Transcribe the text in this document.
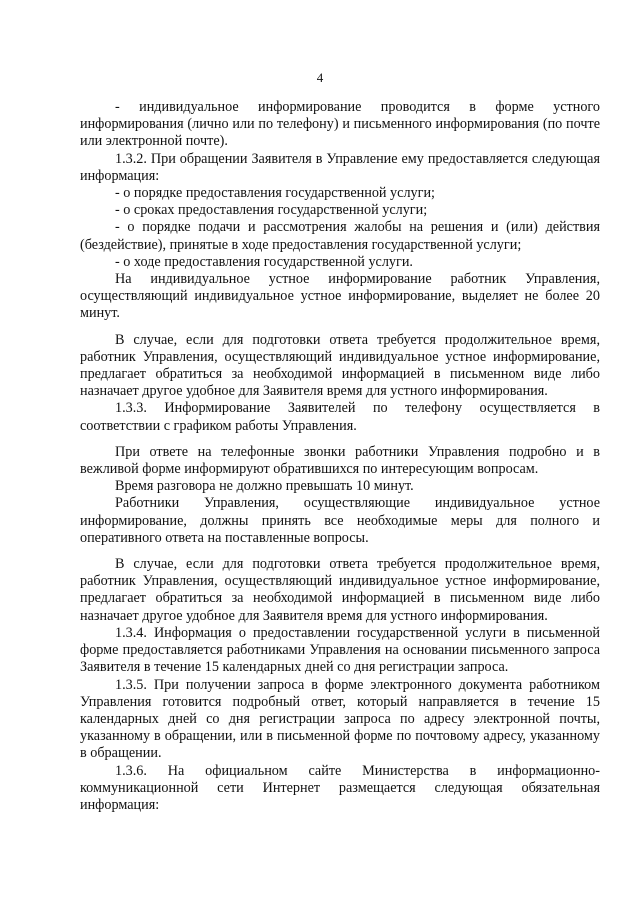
4

- индивидуальное информирование проводится в форме устного информирования (лично или по телефону) и письменного информирования (по почте или электронной почте).

1.3.2. При обращении Заявителя в Управление ему предоставляется следующая информация:

- о порядке предоставления государственной услуги;

- о сроках предоставления государственной услуги;

- о порядке подачи и рассмотрения жалобы на решения и (или) действия (бездействие), принятые в ходе предоставления государственной услуги;

- о ходе предоставления государственной услуги.

На индивидуальное устное информирование работник Управления, осуществляющий индивидуальное устное информирование, выделяет не более 20 минут.

В случае, если для подготовки ответа требуется продолжительное время, работник Управления, осуществляющий индивидуальное устное информирование, предлагает обратиться за необходимой информацией в письменном виде либо назначает другое удобное для Заявителя время для устного информирования.

1.3.3. Информирование Заявителей по телефону осуществляется в соответствии с графиком работы Управления.

При ответе на телефонные звонки работники Управления подробно и в вежливой форме информируют обратившихся по интересующим вопросам.

Время разговора не должно превышать 10 минут.

Работники Управления, осуществляющие индивидуальное устное информирование, должны принять все необходимые меры для полного и оперативного ответа на поставленные вопросы.

В случае, если для подготовки ответа требуется продолжительное время, работник Управления, осуществляющий индивидуальное устное информирование, предлагает обратиться за необходимой информацией в письменном виде либо назначает другое удобное для Заявителя время для устного информирования.

1.3.4. Информация о предоставлении государственной услуги в письменной форме предоставляется работниками Управления на основании письменного запроса Заявителя в течение 15 календарных дней со дня регистрации запроса.

1.3.5. При получении запроса в форме электронного документа работником Управления готовится подробный ответ, который направляется в течение 15 календарных дней со дня регистрации запроса по адресу электронной почты, указанному в обращении, или в письменной форме по почтовому адресу, указанному в обращении.

1.3.6. На официальном сайте Министерства в информационно-коммуникационной сети Интернет размещается следующая обязательная информация:
